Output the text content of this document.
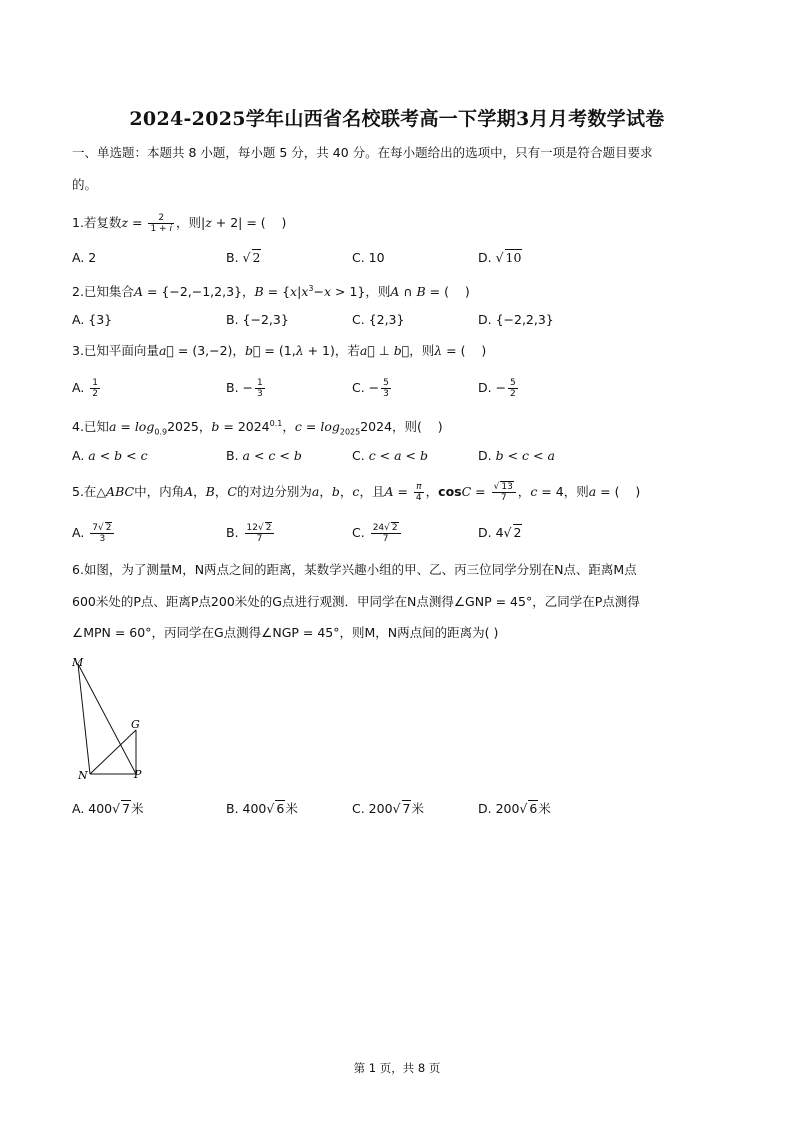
2024-2025学年山西省名校联考高一下学期3月月考数学试卷
一、单选题：本题共 8 小题，每小题 5 分，共 40 分。在每小题给出的选项中，只有一项是符合题目要求
的。
1.若复数$z = \frac{2}{1 + i}$ ，则|z + 2| = (    )
A. 2	B. √ 2	C. 10	D. √ 10
2.已知集合A = {−2,−1,2,3}，$B = \{x|x^3-x > 1\}$，则A ∩ B = (    )
A. {3}	B. {−2,3}	C. {2,3}	D. {−2,2,3}
3.已知平面向量a⃗ = (3,−2)，b⃗ = (1,λ + 1)，若a⃗ ⊥ b⃗，则λ = (    )
A. $\frac{1}{2}$	B. − $\frac{1}{3}$	C. − $\frac{5}{3}$	D. − $\frac{5}{2}$
4.已知$a = \log_{0.9}2025$，$b = 2024^{0.1}$，$c = \log_{2025}2024$，则(    )
A. a < b < c	B. a < c < b	C. c < a < b	D. b < c < a
5.在△ABC中，内角A，B，C的对边分别为a，b，c，且$A = \frac{\pi}{4}$ ，$\cos C = \frac{√ 13}{7}$ ，c = 4，则a = (    )
A. $\frac{7√ 2}{3}$	B. $\frac{12√ 2}{7}$	C. $\frac{24√ 2}{7}$	D. 4√ 2
6.如图，为了测量M，N两点之间的距离，某数学兴趣小组的甲、乙、丙三位同学分别在N点、距离M点
600米处的P点、距离P点200米处的G点进行观测．甲同学在N点测得∠GNP = 45°，乙同学在P点测得
∠MPN = 60°，丙同学在G点测得∠NGP = 45°，则M，N两点间的距离为( )
M
G
N	P
A. 400√ 7米	B. 400√ 6米	C. 200√ 7米	D. 200√ 6米
第 1 页，共 8 页
